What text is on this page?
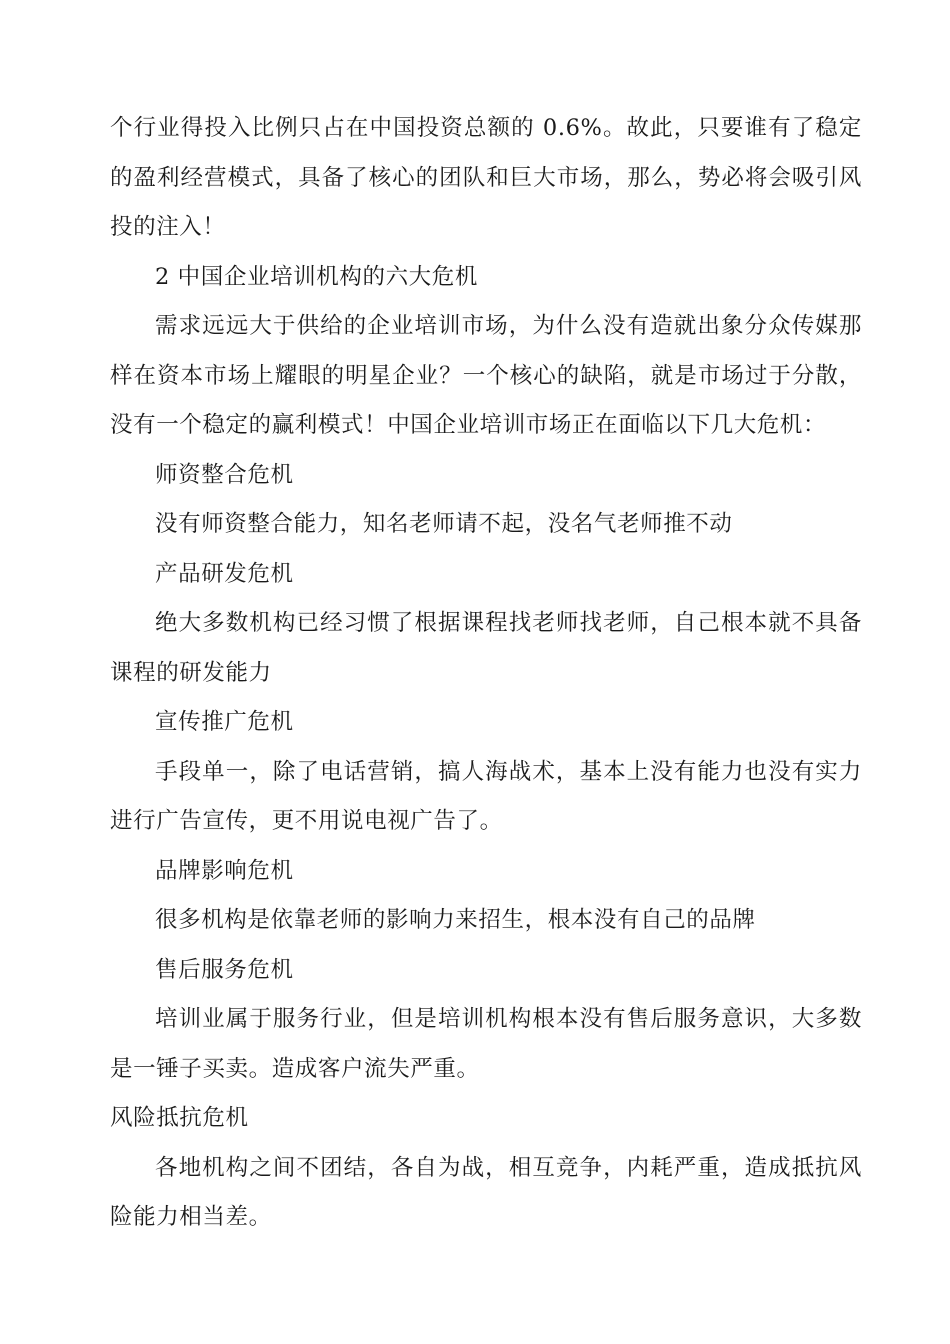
个行业得投入比例只占在中国投资总额的 0.6%。故此，只要谁有了稳定的盈利经营模式，具备了核心的团队和巨大市场，那么，势必将会吸引风投的注入！

2 中国企业培训机构的六大危机

需求远远大于供给的企业培训市场，为什么没有造就出象分众传媒那样在资本市场上耀眼的明星企业？一个核心的缺陷，就是市场过于分散，没有一个稳定的赢利模式！中国企业培训市场正在面临以下几大危机：

师资整合危机

没有师资整合能力，知名老师请不起，没名气老师推不动

产品研发危机

绝大多数机构已经习惯了根据课程找老师找老师，自己根本就不具备课程的研发能力

宣传推广危机

手段单一，除了电话营销，搞人海战术，基本上没有能力也没有实力进行广告宣传，更不用说电视广告了。

品牌影响危机

很多机构是依靠老师的影响力来招生，根本没有自己的品牌

售后服务危机

培训业属于服务行业，但是培训机构根本没有售后服务意识，大多数是一锤子买卖。造成客户流失严重。

风险抵抗危机

各地机构之间不团结，各自为战，相互竞争，内耗严重，造成抵抗风险能力相当差。
